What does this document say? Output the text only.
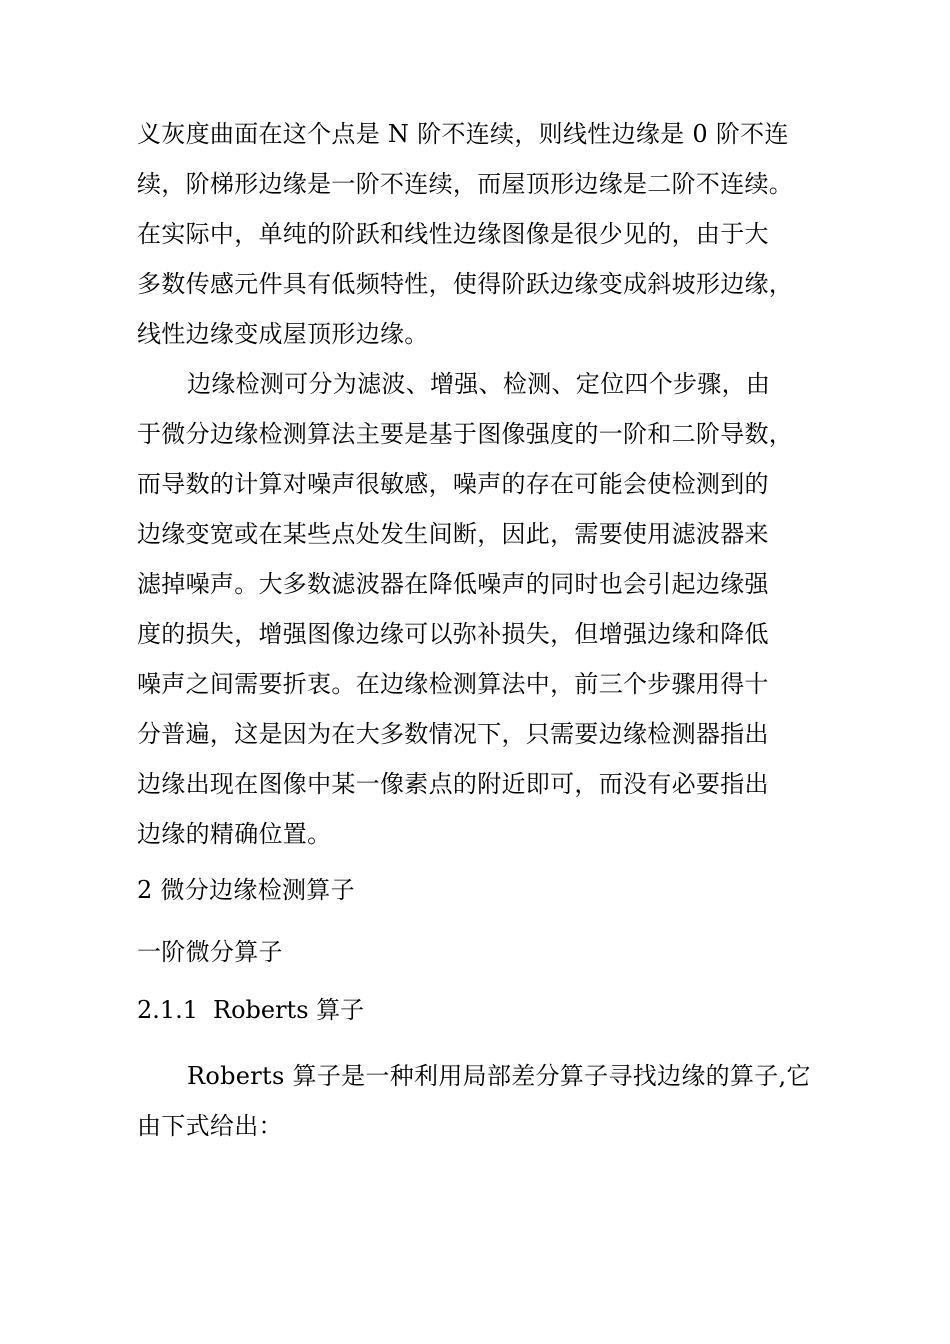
义灰度曲面在这个点是 N 阶不连续，则线性边缘是 0 阶不连
续，阶梯形边缘是一阶不连续，而屋顶形边缘是二阶不连续。
在实际中，单纯的阶跃和线性边缘图像是很少见的，由于大
多数传感元件具有低频特性，使得阶跃边缘变成斜坡形边缘，
线性边缘变成屋顶形边缘。
边缘检测可分为滤波、增强、检测、定位四个步骤，由
于微分边缘检测算法主要是基于图像强度的一阶和二阶导数，
而导数的计算对噪声很敏感，噪声的存在可能会使检测到的
边缘变宽或在某些点处发生间断，因此，需要使用滤波器来
滤掉噪声。大多数滤波器在降低噪声的同时也会引起边缘强
度的损失，增强图像边缘可以弥补损失，但增强边缘和降低
噪声之间需要折衷。在边缘检测算法中，前三个步骤用得十
分普遍，这是因为在大多数情况下，只需要边缘检测器指出
边缘出现在图像中某一像素点的附近即可，而没有必要指出
边缘的精确位置。
2 微分边缘检测算子
一阶微分算子
2.1.1 Roberts 算子
Roberts 算子是一种利用局部差分算子寻找边缘的算子,它
由下式给出：
